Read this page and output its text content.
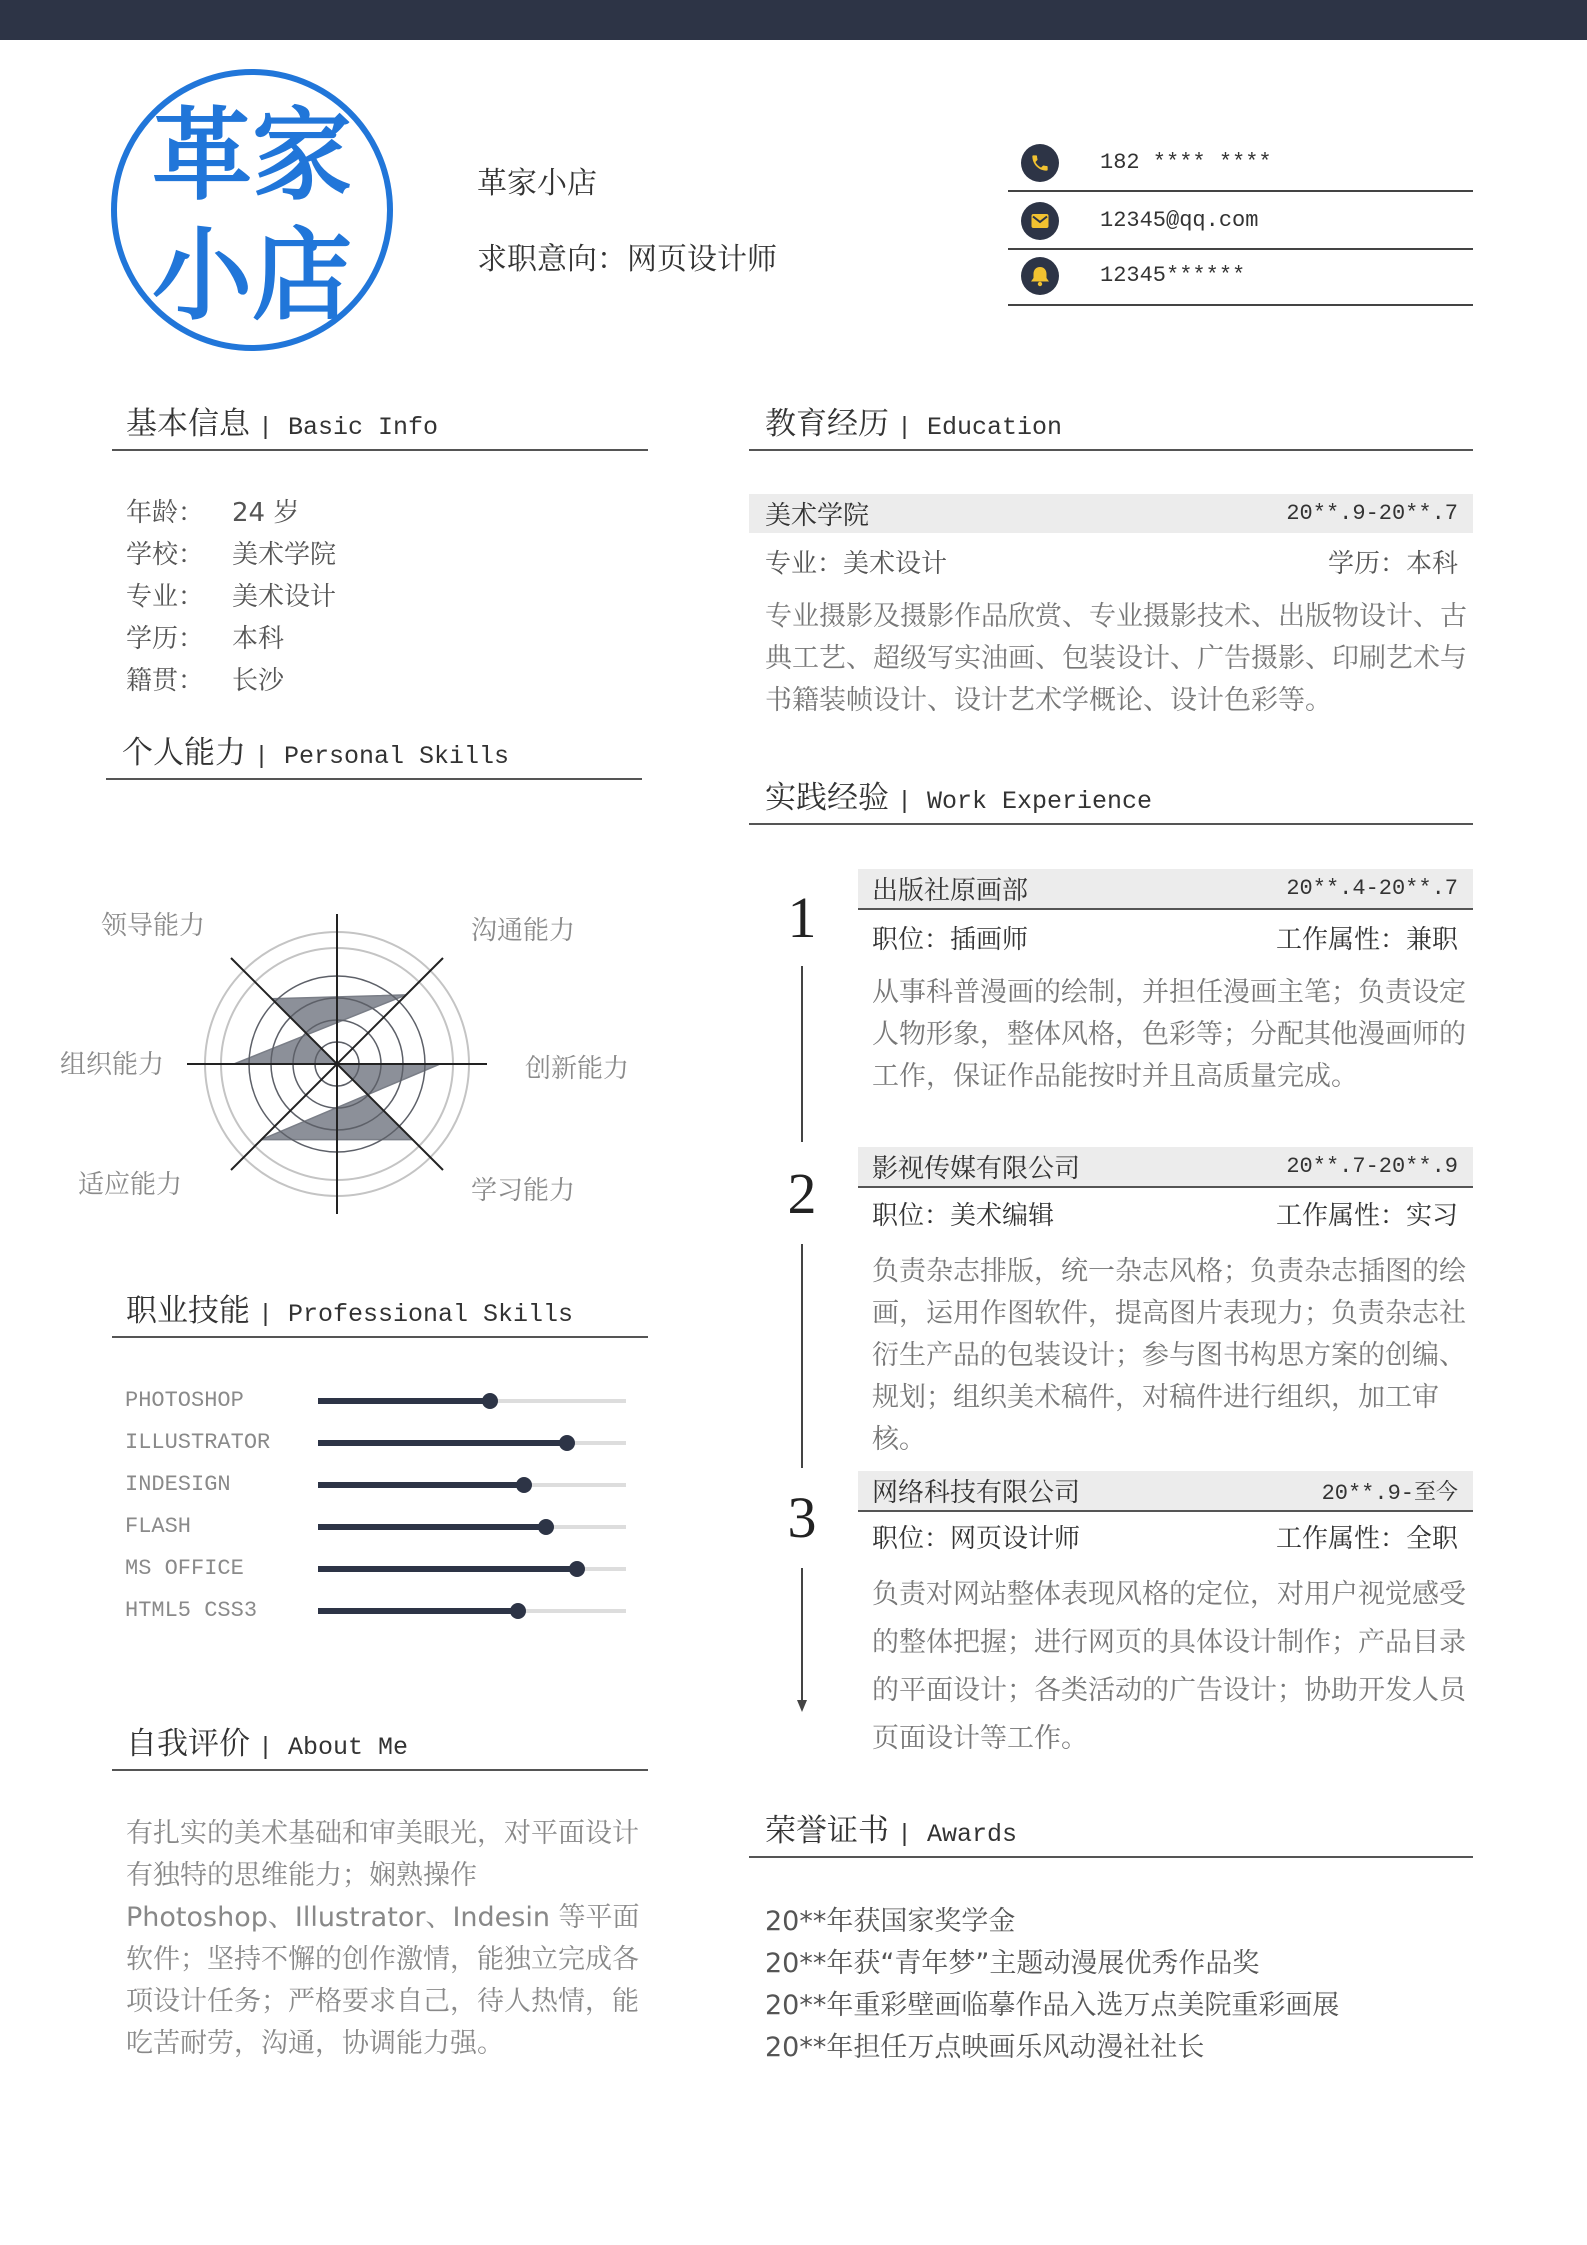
革家
小店
革家小店
求职意向：网页设计师
182 **** ****
12345@qq.com
12345******
基本信息 | Basic Info
年龄： 24 岁
学校： 美术学院
专业： 美术设计
学历： 本科
籍贯： 长沙
个人能力 | Personal Skills
领导能力	沟通能力
组织能力	创新能力
适应能力	学习能力
职业技能 | Professional Skills
PHOTOSHOP
ILLUSTRATOR
INDESIGN
FLASH
MS OFFICE
HTML5 CSS3
自我评价 | About Me
有扎实的美术基础和审美眼光，对平面设计有独特的思维能力；娴熟操作 Photoshop、Illustrator、Indesin 等平面软件；坚持不懈的创作激情，能独立完成各项设计任务；严格要求自己，待人热情，能吃苦耐劳，沟通，协调能力强。
教育经历 | Education
美术学院	20**.9-20**.7
专业：美术设计	学历：本科
专业摄影及摄影作品欣赏、专业摄影技术、出版物设计、古典工艺、超级写实油画、包装设计、广告摄影、印刷艺术与书籍装帧设计、设计艺术学概论、设计色彩等。
实践经验 | Work Experience
1
2
3
出版社原画部	20**.4-20**.7
职位：插画师	工作属性：兼职
从事科普漫画的绘制，并担任漫画主笔；负责设定人物形象，整体风格，色彩等；分配其他漫画师的工作，保证作品能按时并且高质量完成。
影视传媒有限公司	20**.7-20**.9
职位：美术编辑	工作属性：实习
负责杂志排版，统一杂志风格；负责杂志插图的绘画，运用作图软件，提高图片表现力；负责杂志社衍生产品的包装设计；参与图书构思方案的创编、规划；组织美术稿件，对稿件进行组织，加工审核。
网络科技有限公司	20**.9-至今
职位：网页设计师	工作属性：全职
负责对网站整体表现风格的定位，对用户视觉感受的整体把握；进行网页的具体设计制作；产品目录的平面设计；各类活动的广告设计；协助开发人员页面设计等工作。
荣誉证书 | Awards
20**年获国家奖学金
20**年获“青年梦”主题动漫展优秀作品奖
20**年重彩壁画临摹作品入选万点美院重彩画展
20**年担任万点映画乐风动漫社社长
